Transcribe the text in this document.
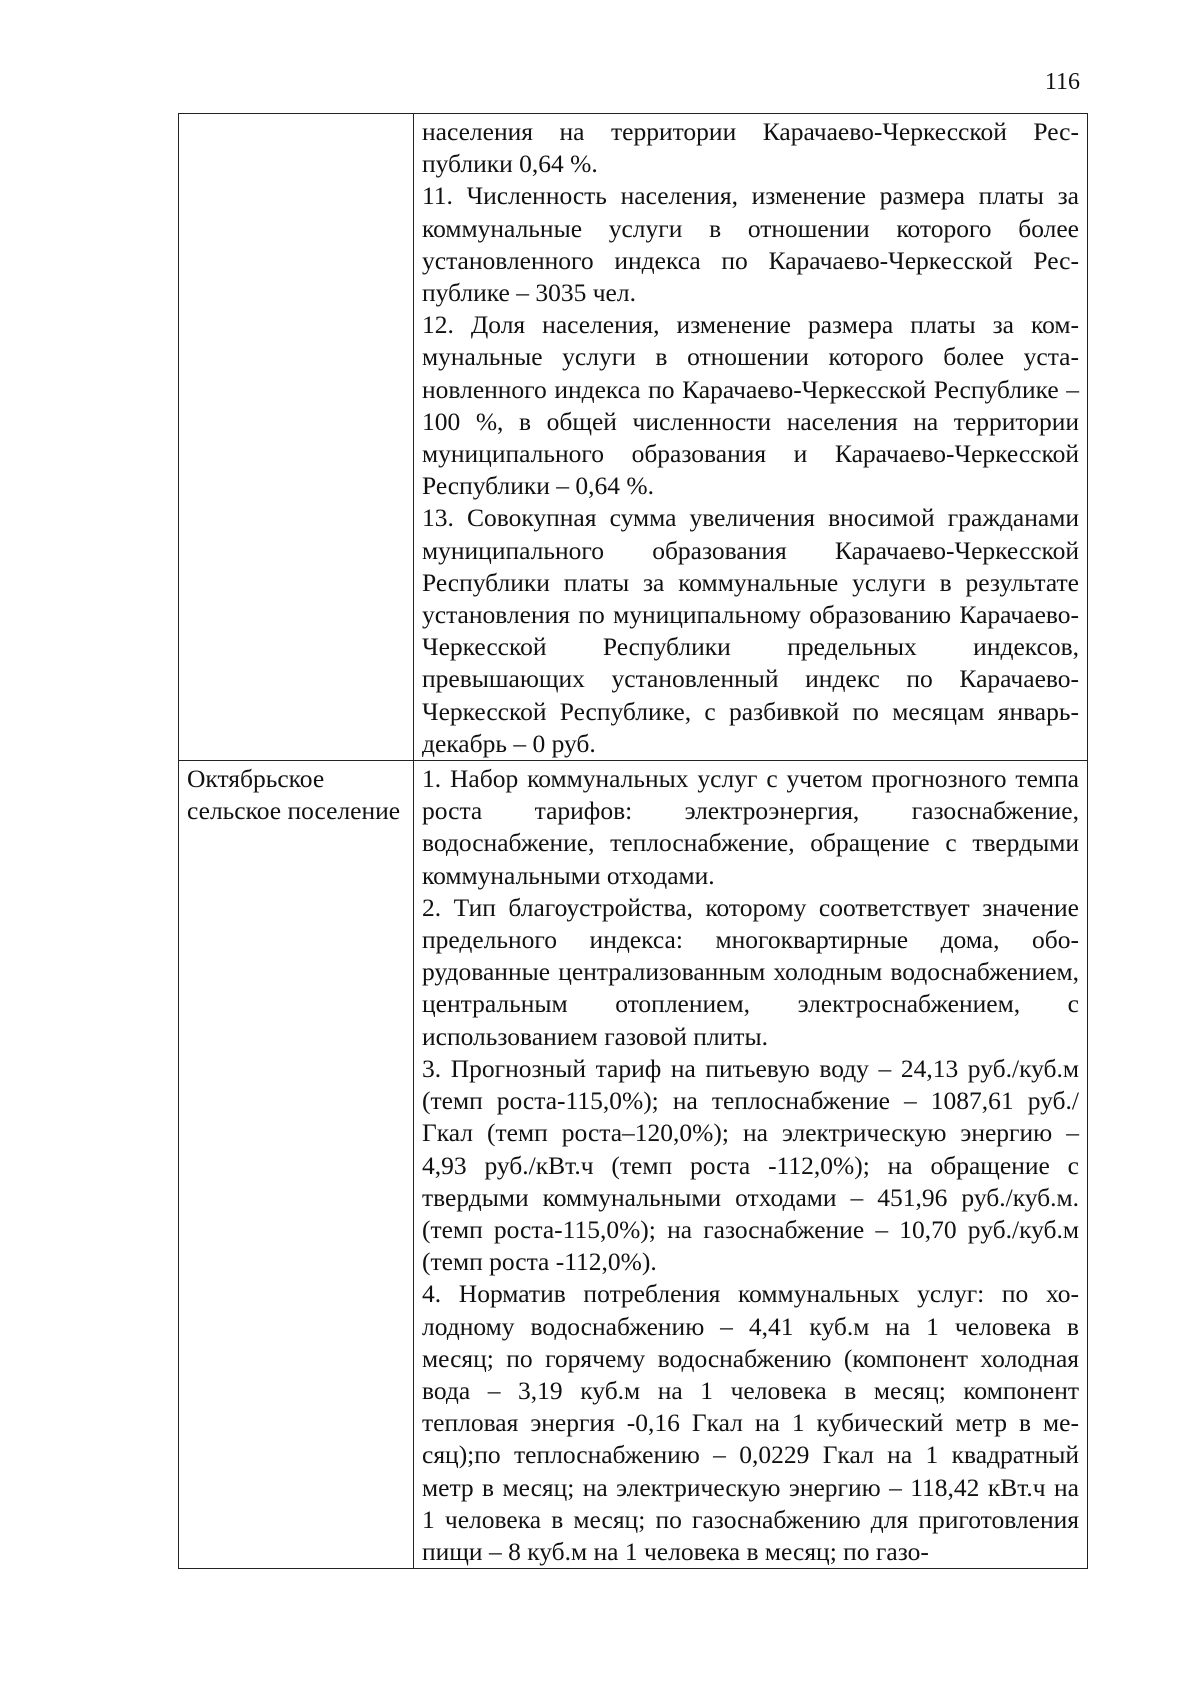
116

	населения на территории Карачаево-Черкесской Республики 0,64 %.

11. Численность населения, изменение размера платы за коммунальные услуги в отношении которого более установленного индекса по Карачаево-Черкесской Республике – 3035 чел.

12. Доля населения, изменение размера платы за коммунальные услуги в отношении которого более установленного индекса по Карачаево-Черкесской Республике – 100 %, в общей численности населения на территории муниципального образования и Карачаево-Черкесской Республики – 0,64 %.

13. Совокупная сумма увеличения вносимой гражданами муниципального образования Карачаево-Черкесской Республики платы за коммунальные услуги в результате установления по муниципальному образованию Карачаево-Черкесской Республики предельных индексов, превышающих установленный индекс по Карачаево-Черкесской Республике, с разбивкой по месяцам январь-декабрь – 0 руб.

Октябрьское сельское поселение	1. Набор коммунальных услуг с учетом прогнозного темпа роста тарифов: электроэнергия, газоснабжение, водоснабжение, теплоснабжение, обращение с твердыми коммунальными отходами.

2. Тип благоустройства, которому соответствует значение предельного индекса: многоквартирные дома, оборудованные централизованным холодным водоснабжением, центральным отоплением, электроснабжением, с использованием газовой плиты.

3. Прогнозный тариф на питьевую воду – 24,13 руб./куб.м (темп роста-115,0%); на теплоснабжение – 1087,61 руб./Гкал (темп роста–120,0%); на электрическую энергию – 4,93 руб./кВт.ч (темп роста -112,0%); на обращение с твердыми коммунальными отходами – 451,96 руб./куб.м. (темп роста-115,0%); на газоснабжение – 10,70 руб./куб.м (темп роста -112,0%).

4. Норматив потребления коммунальных услуг: по холодному водоснабжению – 4,41 куб.м на 1 человека в месяц; по горячему водоснабжению (компонент холодная вода – 3,19 куб.м на 1 человека в месяц; компонент тепловая энергия -0,16 Гкал на 1 кубический метр в месяц);по теплоснабжению – 0,0229 Гкал на 1 квадратный метр в месяц; на электрическую энергию – 118,42 кВт.ч на 1 человека в месяц; по газоснабжению для приготовления пищи – 8 куб.м на 1 человека в месяц; по газо-
